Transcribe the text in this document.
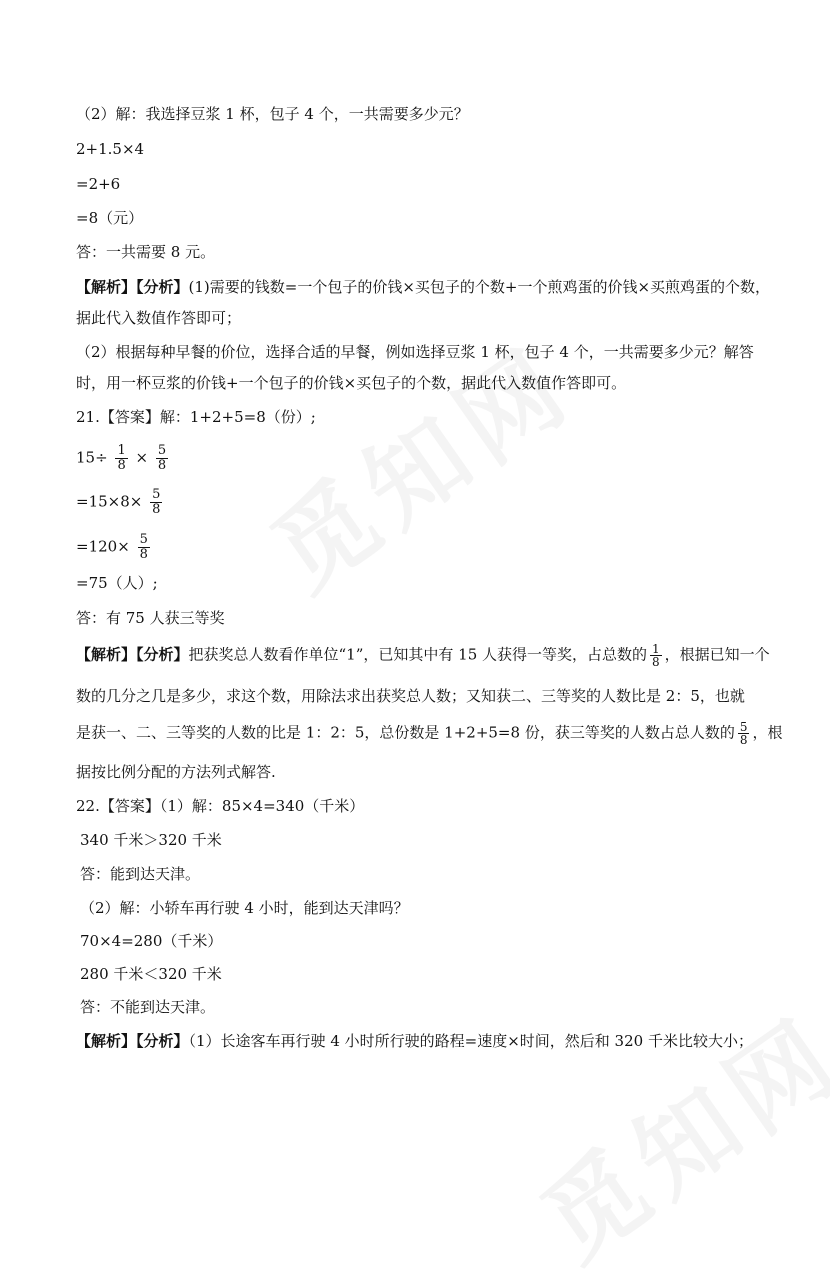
（2）解：我选择豆浆 1 杯，包子 4 个，一共需要多少元？
2+1.5×4
=2+6
=8（元）
答：一共需要 8 元。
【解析】【分析】(1)需要的钱数=一个包子的价钱×买包子的个数+一个煎鸡蛋的价钱×买煎鸡蛋的个数，
据此代入数值作答即可；
（2）根据每种早餐的价位，选择合适的早餐，例如选择豆浆 1 杯，包子 4 个，一共需要多少元？解答
时，用一杯豆浆的价钱+一个包子的价钱×买包子的个数，据此代入数值作答即可。
21.【答案】解：1+2+5=8（份）;
$15\div \frac{1}{8} \times \frac{5}{8}$
$=15\times 8\times \frac{5}{8}$
$=120\times \frac{5}{8}$
=75（人）;
答：有 75 人获三等奖
【解析】【分析】把获奖总人数看作单位“1”，已知其中有 15 人获得一等奖，占总数的 $\frac{1}{8}$ ，根据已知一个
数的几分之几是多少，求这个数，用除法求出获奖总人数；又知获二、三等奖的人数比是 2：5，也就
是获一、二、三等奖的人数的比是 1：2：5，总份数是 1+2+5=8 份，获三等奖的人数占总人数的 $\frac{5}{8}$ ，根
据按比例分配的方法列式解答.
22.【答案】（1）解：85×4=340（千米）
340 千米＞320 千米
答：能到达天津。
（2）解：小轿车再行驶 4 小时，能到达天津吗？
70×4=280（千米）
280 千米＜320 千米
答：不能到达天津。
【解析】【分析】（1）长途客车再行驶 4 小时所行驶的路程=速度×时间，然后和 320 千米比较大小；
